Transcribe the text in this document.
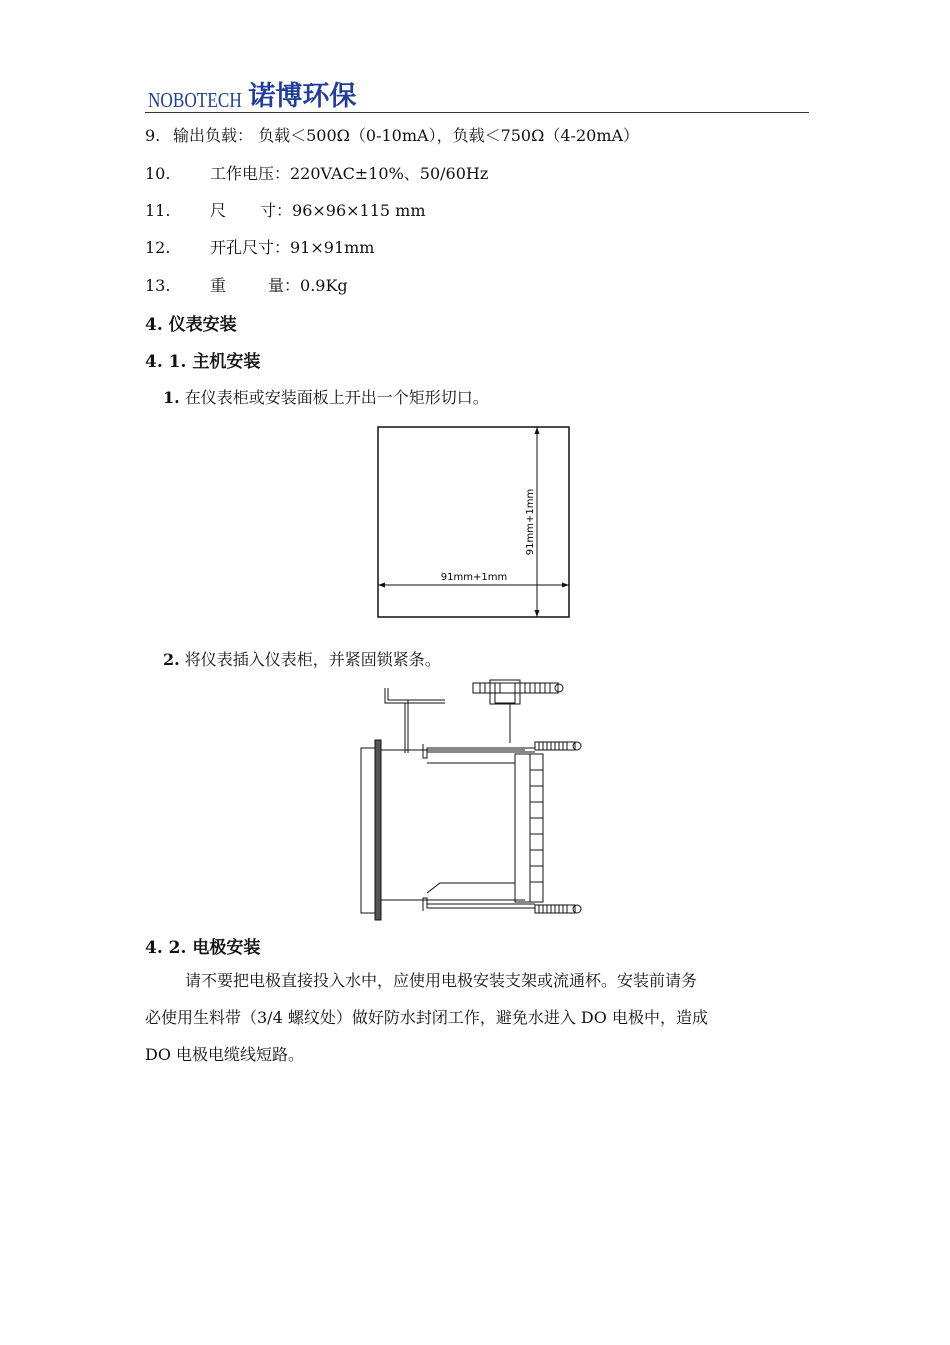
NOBOTECH 诺博环保
9. 输出负载： 负载＜500Ω（0-10mA），负载＜750Ω（4-20mA）
10. 工作电压：220VAC±10%、50/60Hz
11. 尺 寸：96×96×115 mm
12. 开孔尺寸：91×91mm
13. 重	量：0.9Kg
4. 仪表安装
4. 1. 主机安装
1. 在仪表柜或安装面板上开出一个矩形切口。
91mm+1mm
91mm+1mm
2. 将仪表插入仪表柜，并紧固锁紧条。
4. 2. 电极安装
请不要把电极直接投入水中，应使用电极安装支架或流通杯。安装前请务
必使用生料带（3/4 螺纹处）做好防水封闭工作，避免水进入 DO 电极中，造成
DO 电极电缆线短路。
